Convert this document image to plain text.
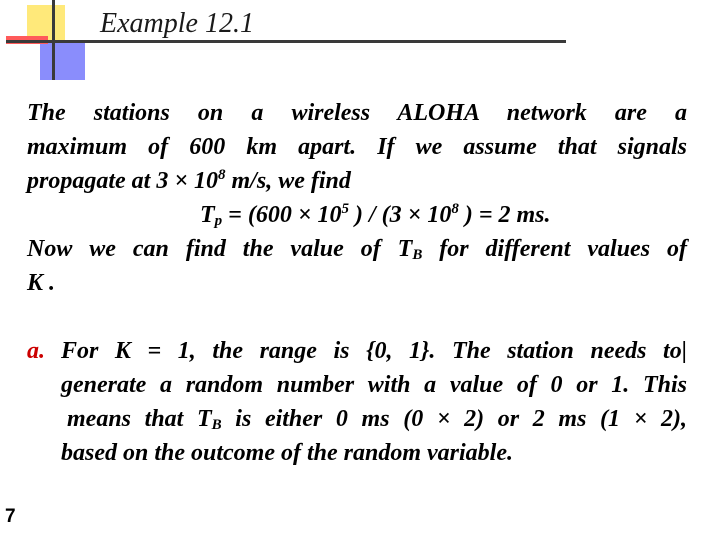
Example 12.1
The stations on a wireless ALOHA network are a
maximum of 600 km apart. If we assume that signals
propagate at $3 \times 10^8$ m/s, we find
$T_p = (600 \times 10^5$ ) / ($3 \times 10^8$ ) = 2 ms.
Now we can find the value of $T_B$ for different values of
K .
a. For K = 1, the range is {0, 1}. The station needs to|
generate a random number with a value of 0 or 1. This
means that $T_B$ is either 0 ms (0 × 2) or 2 ms (1 × 2),
based on the outcome of the random variable.
7
